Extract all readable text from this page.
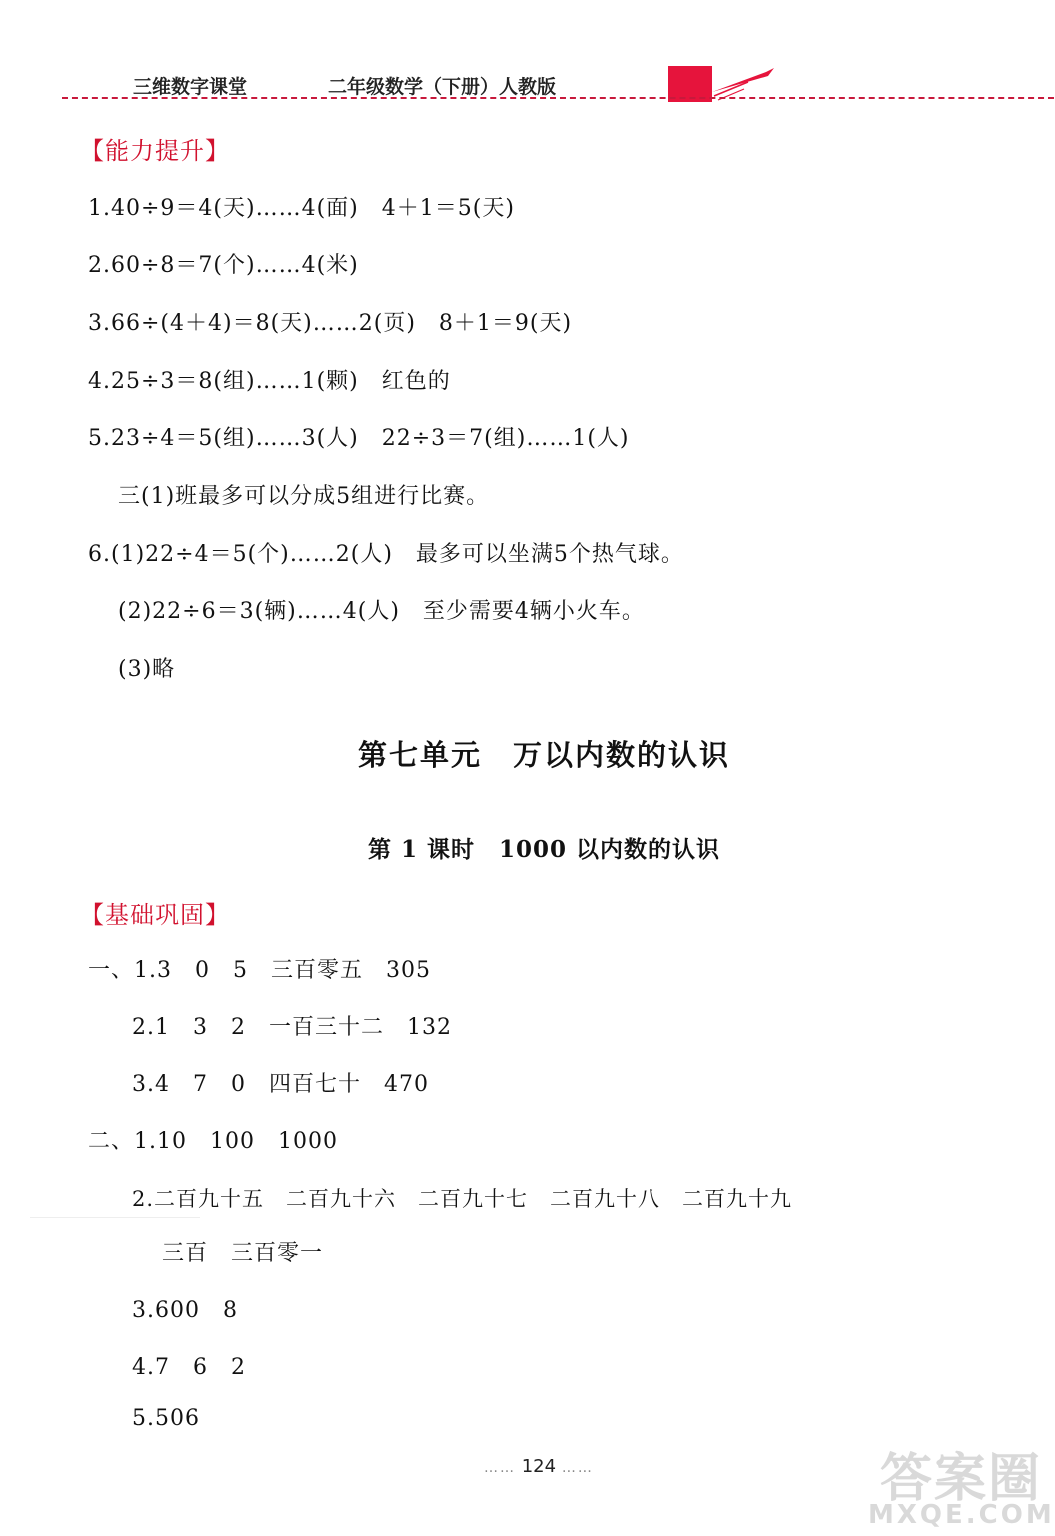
三维数字课堂	二年级数学（下册）人教版
【能力提升】
1.40÷9＝4(天)……4(面)　4＋1＝5(天)
2.60÷8＝7(个)……4(米)
3.66÷(4＋4)＝8(天)……2(页)　8＋1＝9(天)
4.25÷3＝8(组)……1(颗)　红色的
5.23÷4＝5(组)……3(人)　22÷3＝7(组)……1(人)
三(1)班最多可以分成5组进行比赛。
6.(1)22÷4＝5(个)……2(人)　最多可以坐满5个热气球。
(2)22÷6＝3(辆)……4(人)　至少需要4辆小火车。
(3)略
第七单元　万以内数的认识
第 1 课时　1000 以内数的认识
【基础巩固】
一、1.3　0　5　三百零五　305
2.1　3　2　一百三十二　132
3.4　7　0　四百七十　470
二、1.10　100　1000
2.二百九十五　二百九十六　二百九十七　二百九十八　二百九十九
三百　三百零一
3.600　8
4.7　6　2
5.506
…… 124 ……	答案圈
MXQE.COM
